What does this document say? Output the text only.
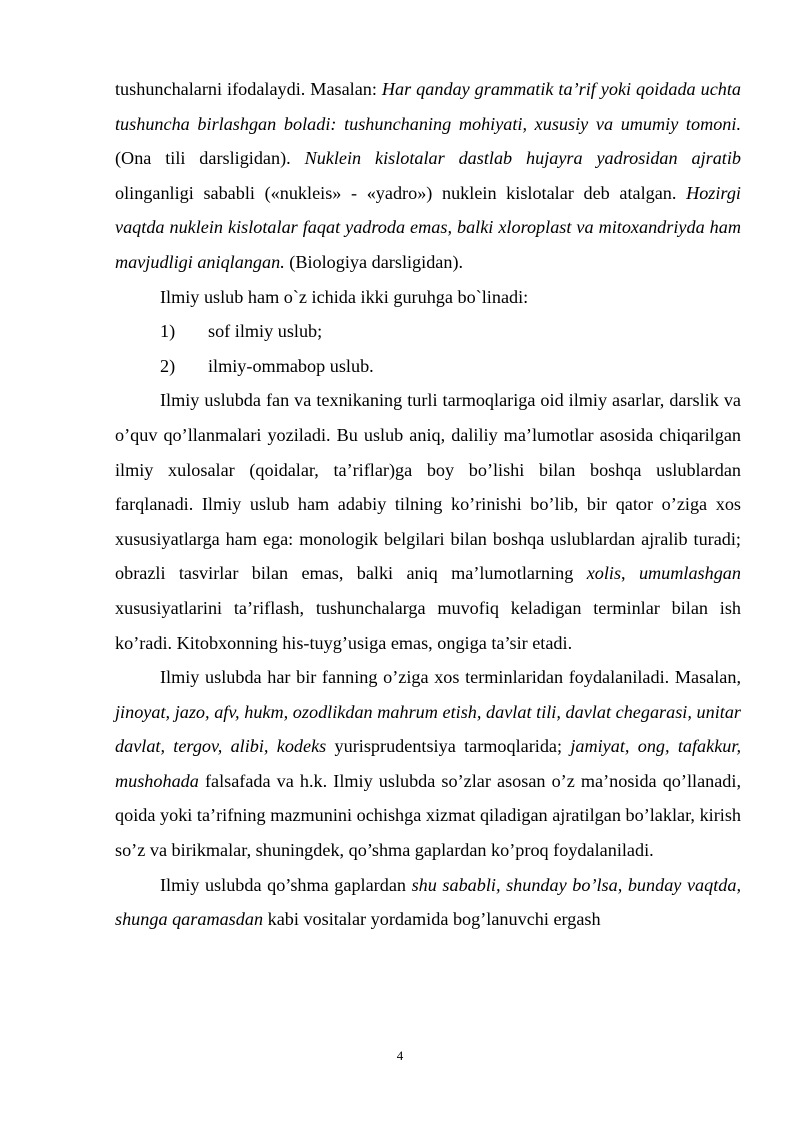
tushunchalarni ifodalaydi. Masalan: Har qanday grammatik ta’rif yoki qoidada uchta tushuncha birlashgan boladi: tushunchaning mohiyati, xususiy va umumiy tomoni. (Ona tili darsligidan). Nuklein kislotalar dastlab hujayra yadrosidan ajratib olinganligi sababli («nukleis» - «yadro») nuklein kislotalar deb atalgan. Hozirgi vaqtda nuklein kislotalar faqat yadroda emas, balki xloroplast va mitoxandriyda ham mavjudligi aniqlangan. (Biologiya darsligidan).

Ilmiy uslub ham o`z ichida ikki guruhga bo`linadi:

1)	sof ilmiy uslub;
2)	ilmiy-ommabop uslub.

Ilmiy uslubda fan va texnikaning turli tarmoqlariga oid ilmiy asarlar, darslik va o’quv qo’llanmalari yoziladi. Bu uslub aniq, daliliy ma’lumotlar asosida chiqarilgan ilmiy xulosalar (qoidalar, ta’riflar)ga boy bo’lishi bilan boshqa uslublardan farqlanadi. Ilmiy uslub ham adabiy tilning ko’rinishi bo’lib, bir qator o’ziga xos xususiyatlarga ham ega: monologik belgilari bilan boshqa uslublardan ajralib turadi; obrazli tasvirlar bilan emas, balki aniq ma’lumotlarning xolis, umumlashgan xususiyatlarini ta’riflash, tushunchalarga muvofiq keladigan terminlar bilan ish ko’radi. Kitobxonning his-tuyg’usiga emas, ongiga ta’sir etadi.

Ilmiy uslubda har bir fanning o’ziga xos terminlaridan foydalaniladi. Masalan, jinoyat, jazo, afv, hukm, ozodlikdan mahrum etish, davlat tili, davlat chegarasi, unitar davlat, tergov, alibi, kodeks yurisprudentsiya tarmoqlarida; jamiyat, ong, tafakkur, mushohada falsafada va h.k. Ilmiy uslubda so’zlar asosan o’z ma’nosida qo’llanadi, qoida yoki ta’rifning mazmunini ochishga xizmat qiladigan ajratilgan bo’laklar, kirish so’z va birikmalar, shuningdek, qo’shma gaplardan ko’proq foydalaniladi.

Ilmiy uslubda qo’shma gaplardan shu sababli, shunday bo’lsa, bunday vaqtda, shunga qaramasdan kabi vositalar yordamida bog’lanuvchi ergash

4
